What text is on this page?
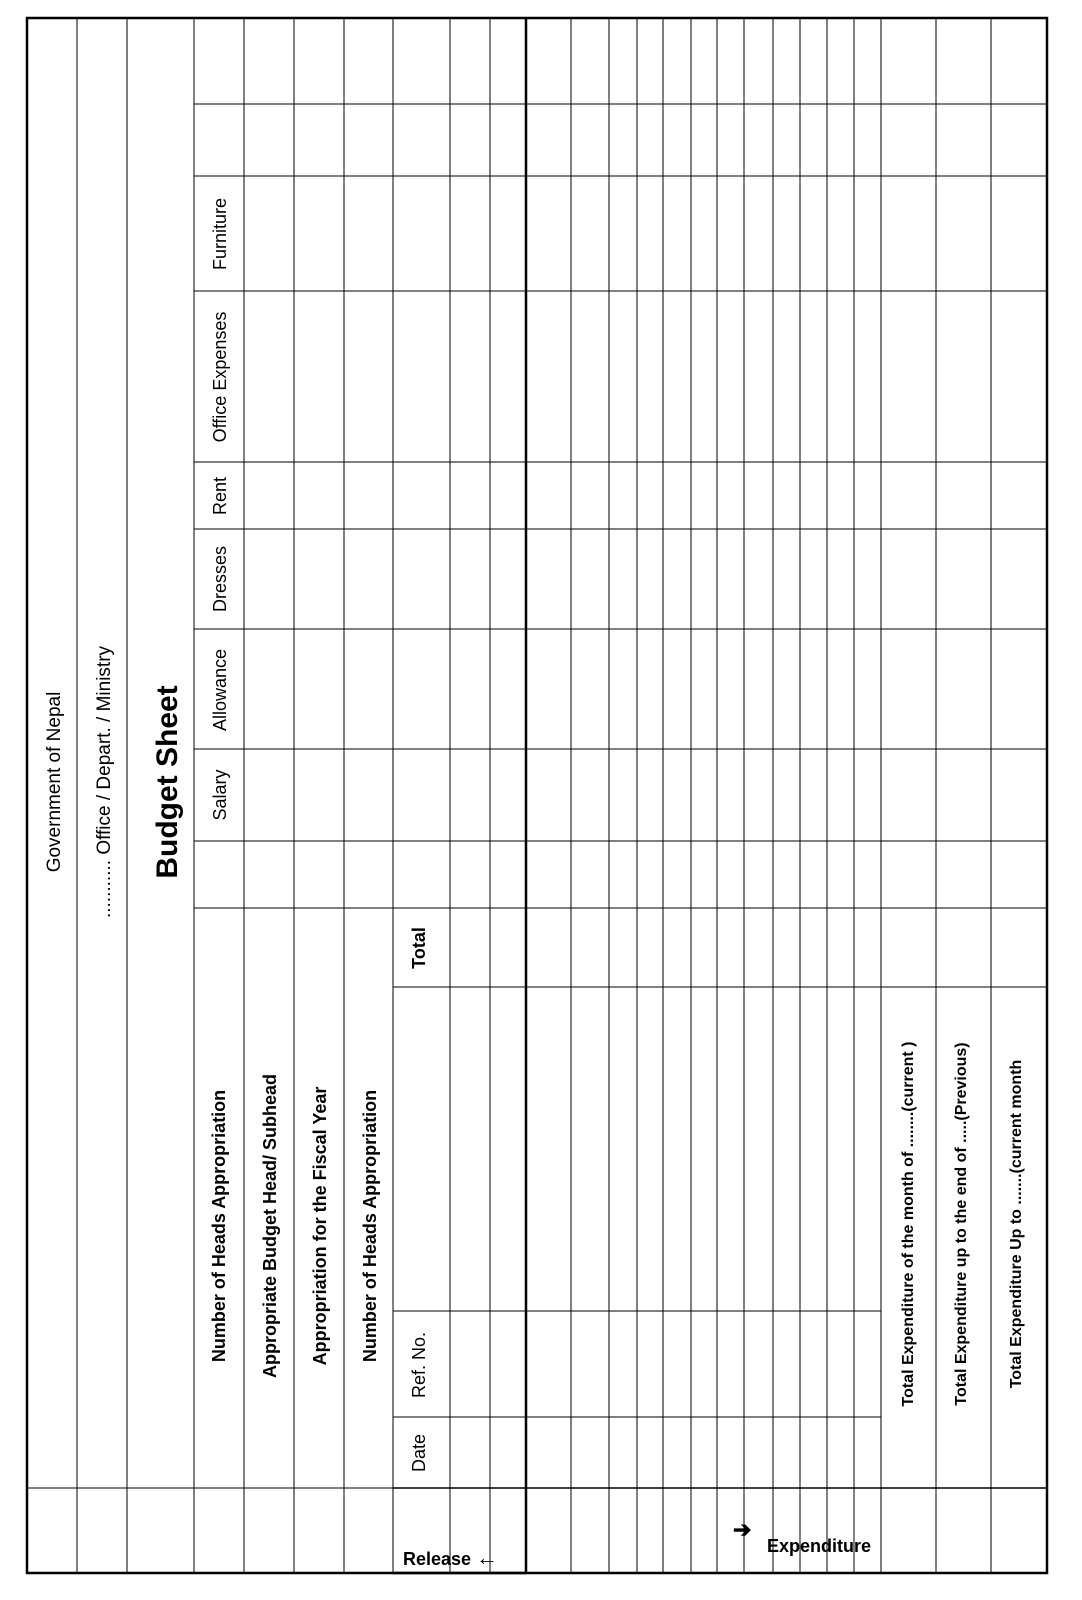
Government of Nepal ........... Office / Depart. / Ministry Budget Sheet Salary
Allowance
Dresses
Rent
Office Expenses
Furniture
Number of Heads Appropriation Appropriate Budget Head/ Subhead Appropriation for the Fiscal Year Number of Heads Appropriation
Date
Ref. No.
Total
Release ←
➔
Expenditure
Total Expenditure of the month of ........(current ) Total Expenditure up to the end of .....(Previous) Total Expenditure Up to .......(current month
